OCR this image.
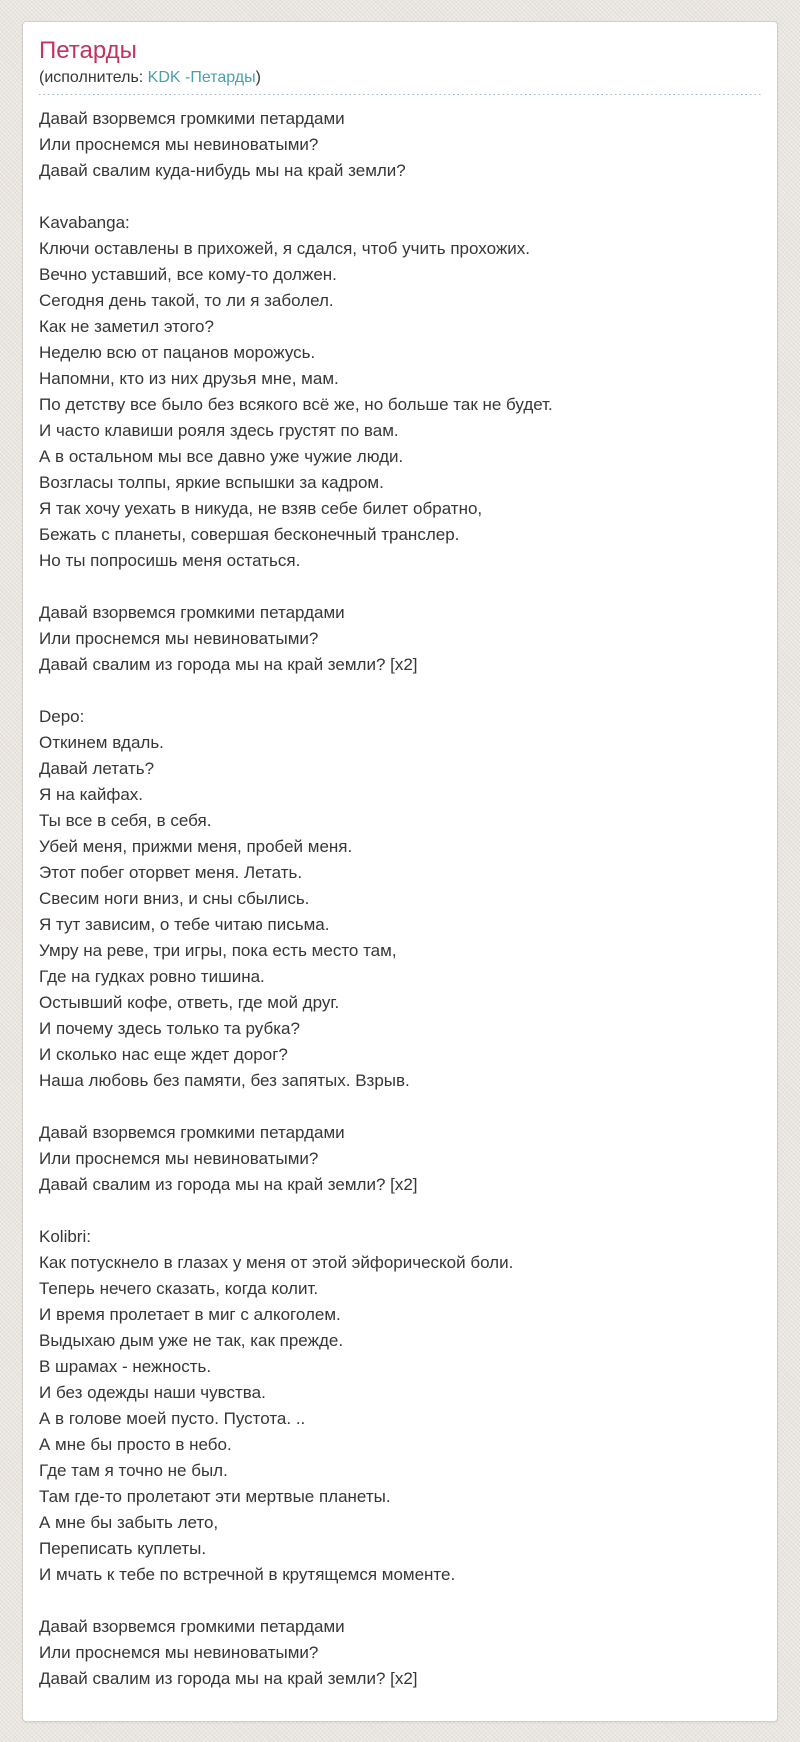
Петарды
(исполнитель: KDK -Петарды)
Давай взорвемся громкими петардами
Или проснемся мы невиноватыми?
Давай свалим куда-нибудь мы на край земли?
Kavabanga:
Ключи оставлены в прихожей, я сдался, чтоб учить прохожих.
Вечно уставший, все кому-то должен.
Сегодня день такой, то ли я заболел.
Как не заметил этого?
Неделю всю от пацанов морожусь.
Напомни, кто из них друзья мне, мам.
По детству все было без всякого всё же, но больше так не будет.
И часто клавиши рояля здесь грустят по вам.
А в остальном мы все давно уже чужие люди.
Возгласы толпы, яркие вспышки за кадром.
Я так хочу уехать в никуда, не взяв себе билет обратно,
Бежать с планеты, совершая бесконечный транслер.
Но ты попросишь меня остаться.
Давай взорвемся громкими петардами
Или проснемся мы невиноватыми?
Давай свалим из города мы на край земли? [x2]
Depo:
Откинем вдаль.
Давай летать?
Я на кайфах.
Ты все в себя, в себя.
Убей меня, прижми меня, пробей меня.
Этот побег оторвет меня. Летать.
Свесим ноги вниз, и сны сбылись.
Я тут зависим, о тебе читаю письма.
Умру на реве, три игры, пока есть место там,
Где на гудках ровно тишина.
Остывший кофе, ответь, где мой друг.
И почему здесь только та рубка?
И сколько нас еще ждет дорог?
Наша любовь без памяти, без запятых. Взрыв.
Давай взорвемся громкими петардами
Или проснемся мы невиноватыми?
Давай свалим из города мы на край земли? [x2]
Kolibri:
Как потускнело в глазах у меня от этой эйфорической боли.
Теперь нечего сказать, когда колит.
И время пролетает в миг с алкоголем.
Выдыхаю дым уже не так, как прежде.
В шрамах - нежность.
И без одежды наши чувства.
А в голове моей пусто. Пустота. ..
А мне бы просто в небо.
Где там я точно не был.
Там где-то пролетают эти мертвые планеты.
А мне бы забыть лето,
Переписать куплеты.
И мчать к тебе по встречной в крутящемся моменте.
Давай взорвемся громкими петардами
Или проснемся мы невиноватыми?
Давай свалим из города мы на край земли? [x2]
